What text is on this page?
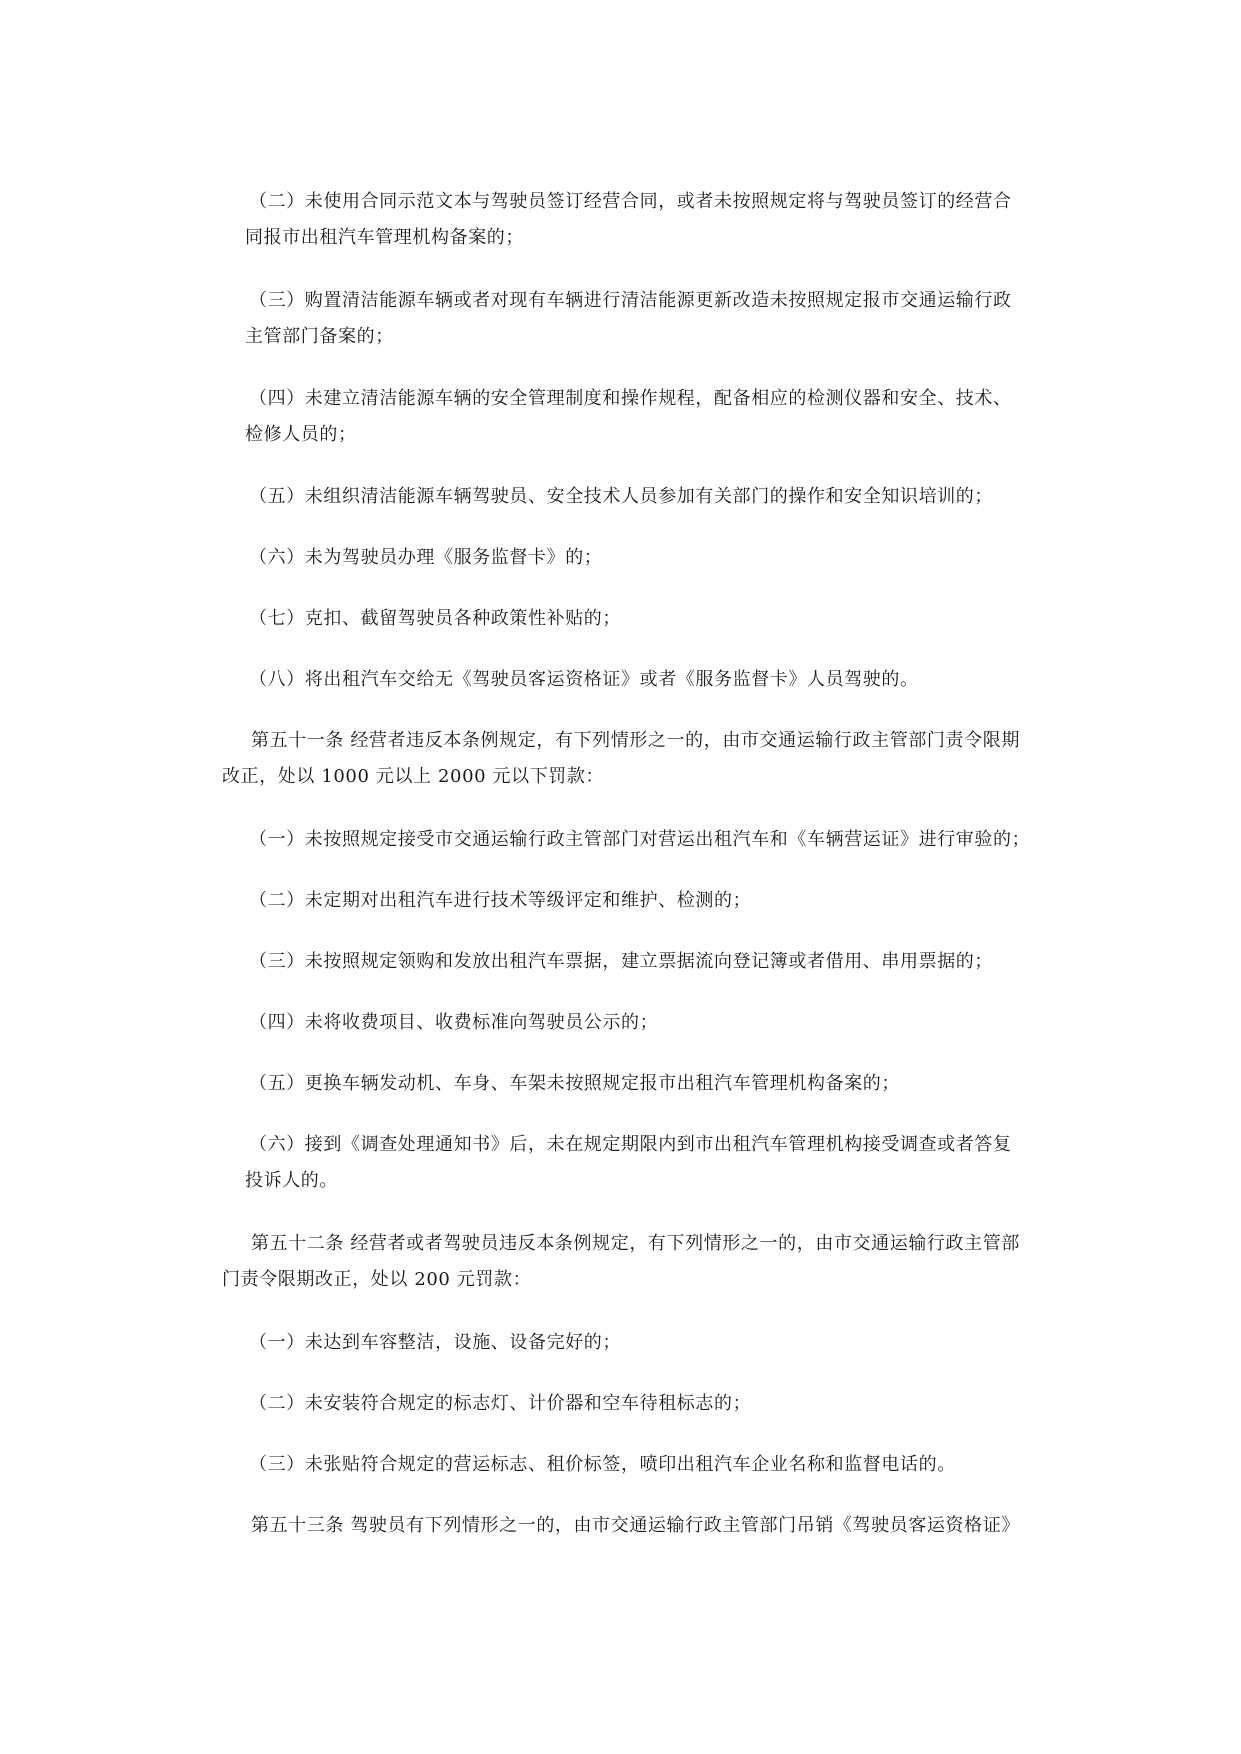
（二）未使用合同示范文本与驾驶员签订经营合同，或者未按照规定将与驾驶员签订的经营合
同报市出租汽车管理机构备案的；

（三）购置清洁能源车辆或者对现有车辆进行清洁能源更新改造未按照规定报市交通运输行政
主管部门备案的；

（四）未建立清洁能源车辆的安全管理制度和操作规程，配备相应的检测仪器和安全、技术、
检修人员的；

（五）未组织清洁能源车辆驾驶员、安全技术人员参加有关部门的操作和安全知识培训的；

（六）未为驾驶员办理《服务监督卡》的；

（七）克扣、截留驾驶员各种政策性补贴的；

（八）将出租汽车交给无《驾驶员客运资格证》或者《服务监督卡》人员驾驶的。

第五十一条 经营者违反本条例规定，有下列情形之一的，由市交通运输行政主管部门责令限期
改正，处以 1000 元以上 2000 元以下罚款：

（一）未按照规定接受市交通运输行政主管部门对营运出租汽车和《车辆营运证》进行审验的；

（二）未定期对出租汽车进行技术等级评定和维护、检测的；

（三）未按照规定领购和发放出租汽车票据，建立票据流向登记簿或者借用、串用票据的；

（四）未将收费项目、收费标准向驾驶员公示的；

（五）更换车辆发动机、车身、车架未按照规定报市出租汽车管理机构备案的；

（六）接到《调查处理通知书》后，未在规定期限内到市出租汽车管理机构接受调查或者答复
投诉人的。

第五十二条 经营者或者驾驶员违反本条例规定，有下列情形之一的，由市交通运输行政主管部
门责令限期改正，处以 200 元罚款：

（一）未达到车容整洁，设施、设备完好的；

（二）未安装符合规定的标志灯、计价器和空车待租标志的；

（三）未张贴符合规定的营运标志、租价标签，喷印出租汽车企业名称和监督电话的。

第五十三条 驾驶员有下列情形之一的，由市交通运输行政主管部门吊销《驾驶员客运资格证》
